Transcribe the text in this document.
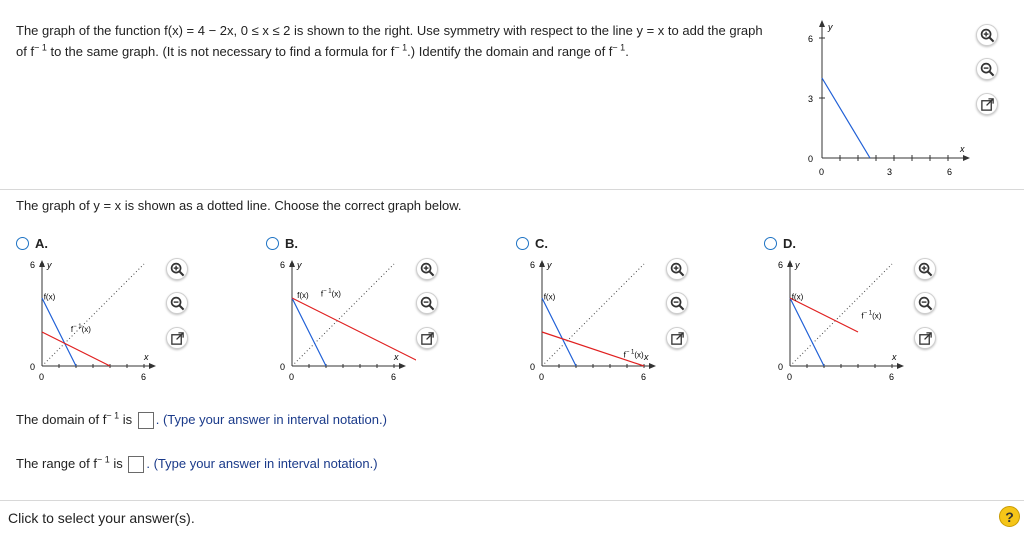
The graph of the function f(x) = 4 − 2x, 0 ≤ x ≤ 2 is shown to the right. Use symmetry with respect to the line y = x to add the graph
of $f^{- 1}$ to the same graph. (It is not necessary to find a formula for $f^{- 1}$.) Identify the domain and range of $f^{- 1}$.
y
x
6
3
0
0	3	6
The graph of y = x is shown as a dotted line. Choose the correct graph below.
A.
y
x
6
0
0	6
f(x)
$f^{- 1}(x)$
B.
y
x
6
0
0	6
f(x) $f^{- 1}(x)$
C.
y
x
6
0
0	6
f(x)
$f^{- 1}(x)$
D.
y
x
6
0
0	6
f(x)
$f^{- 1}(x)$
The domain of $f^{- 1}$ is . (Type your answer in interval notation.)
The range of $f^{- 1}$ is . (Type your answer in interval notation.)
Click to select your answer(s).	?
